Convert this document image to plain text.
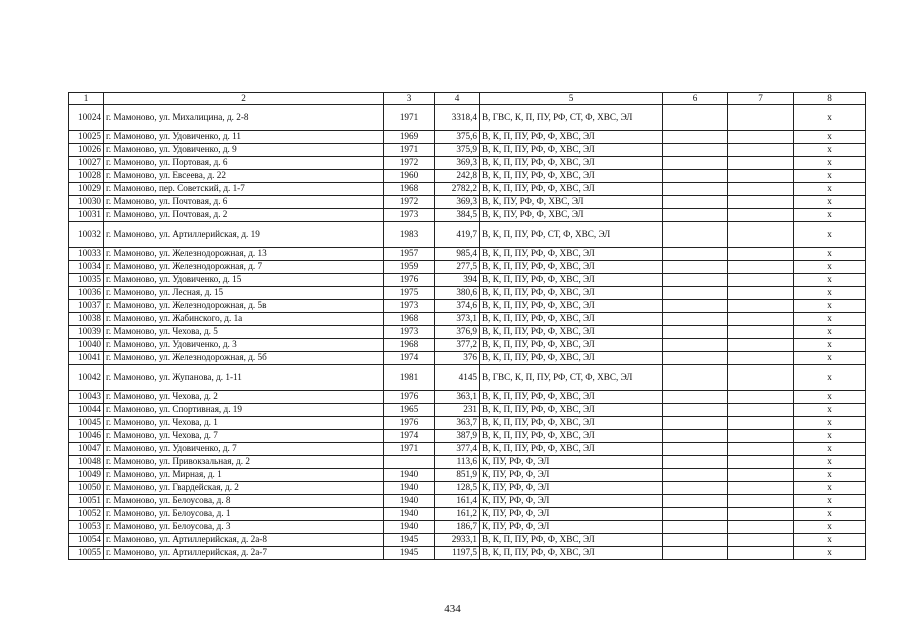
1	2	3	4	5	6	7	8
10024	г. Мамоново, ул. Михалицина, д. 2-8	1971	3318,4	В, ГВС, К, П, ПУ, РФ, СТ, Ф, ХВС, ЭЛ			x
10025	г. Мамоново, ул. Удовиченко, д. 11	1969	375,6	В, К, П, ПУ, РФ, Ф, ХВС, ЭЛ			x
10026	г. Мамоново, ул. Удовиченко, д. 9	1971	375,9	В, К, П, ПУ, РФ, Ф, ХВС, ЭЛ			x
10027	г. Мамоново, ул. Портовая, д. 6	1972	369,3	В, К, П, ПУ, РФ, Ф, ХВС, ЭЛ			x
10028	г. Мамоново, ул. Евсеева, д. 22	1960	242,8	В, К, П, ПУ, РФ, Ф, ХВС, ЭЛ			x
10029	г. Мамоново, пер. Советский, д. 1-7	1968	2782,2	В, К, П, ПУ, РФ, Ф, ХВС, ЭЛ			x
10030	г. Мамоново, ул. Почтовая, д. 6	1972	369,3	В, К, ПУ, РФ, Ф, ХВС, ЭЛ			x
10031	г. Мамоново, ул. Почтовая, д. 2	1973	384,5	В, К, ПУ, РФ, Ф, ХВС, ЭЛ			x
10032	г. Мамоново, ул. Артиллерийская, д. 19	1983	419,7	В, К, П, ПУ, РФ, СТ, Ф, ХВС, ЭЛ			x
10033	г. Мамоново, ул. Железнодорожная, д. 13	1957	985,4	В, К, П, ПУ, РФ, Ф, ХВС, ЭЛ			x
10034	г. Мамоново, ул. Железнодорожная, д. 7	1959	277,5	В, К, П, ПУ, РФ, Ф, ХВС, ЭЛ			x
10035	г. Мамоново, ул. Удовиченко, д. 15	1976	394	В, К, П, ПУ, РФ, Ф, ХВС, ЭЛ			x
10036	г. Мамоново, ул. Лесная, д. 15	1975	380,6	В, К, П, ПУ, РФ, Ф, ХВС, ЭЛ			x
10037	г. Мамоново, ул. Железнодорожная, д. 5в	1973	374,6	В, К, П, ПУ, РФ, Ф, ХВС, ЭЛ			x
10038	г. Мамоново, ул. Жабинского, д. 1а	1968	373,1	В, К, П, ПУ, РФ, Ф, ХВС, ЭЛ			x
10039	г. Мамоново, ул. Чехова, д. 5	1973	376,9	В, К, П, ПУ, РФ, Ф, ХВС, ЭЛ			x
10040	г. Мамоново, ул. Удовиченко, д. 3	1968	377,2	В, К, П, ПУ, РФ, Ф, ХВС, ЭЛ			x
10041	г. Мамоново, ул. Железнодорожная, д. 5б	1974	376	В, К, П, ПУ, РФ, Ф, ХВС, ЭЛ			x
10042	г. Мамоново, ул. Жупанова, д. 1-11	1981	4145	В, ГВС, К, П, ПУ, РФ, СТ, Ф, ХВС, ЭЛ			x
10043	г. Мамоново, ул. Чехова, д. 2	1976	363,1	В, К, П, ПУ, РФ, Ф, ХВС, ЭЛ			x
10044	г. Мамоново, ул. Спортивная, д. 19	1965	231	В, К, П, ПУ, РФ, Ф, ХВС, ЭЛ			x
10045	г. Мамоново, ул. Чехова, д. 1	1976	363,7	В, К, П, ПУ, РФ, Ф, ХВС, ЭЛ			x
10046	г. Мамоново, ул. Чехова, д. 7	1974	387,9	В, К, П, ПУ, РФ, Ф, ХВС, ЭЛ			x
10047	г. Мамоново, ул. Удовиченко, д. 7	1971	377,4	В, К, П, ПУ, РФ, Ф, ХВС, ЭЛ			x
10048	г. Мамоново, ул. Привокзальная, д. 2		113,6	К, ПУ, РФ, Ф, ЭЛ			x
10049	г. Мамоново, ул. Мирная, д. 1	1940	851,9	К, ПУ, РФ, Ф, ЭЛ			x
10050	г. Мамоново, ул. Гвардейская, д. 2	1940	128,5	К, ПУ, РФ, Ф, ЭЛ			x
10051	г. Мамоново, ул. Белоусова, д. 8	1940	161,4	К, ПУ, РФ, Ф, ЭЛ			x
10052	г. Мамоново, ул. Белоусова, д. 1	1940	161,2	К, ПУ, РФ, Ф, ЭЛ			x
10053	г. Мамоново, ул. Белоусова, д. 3	1940	186,7	К, ПУ, РФ, Ф, ЭЛ			x
10054	г. Мамоново, ул. Артиллерийская, д. 2а-8	1945	2933,1	В, К, П, ПУ, РФ, Ф, ХВС, ЭЛ			x
10055	г. Мамоново, ул. Артиллерийская, д. 2а-7	1945	1197,5	В, К, П, ПУ, РФ, Ф, ХВС, ЭЛ			x
434
